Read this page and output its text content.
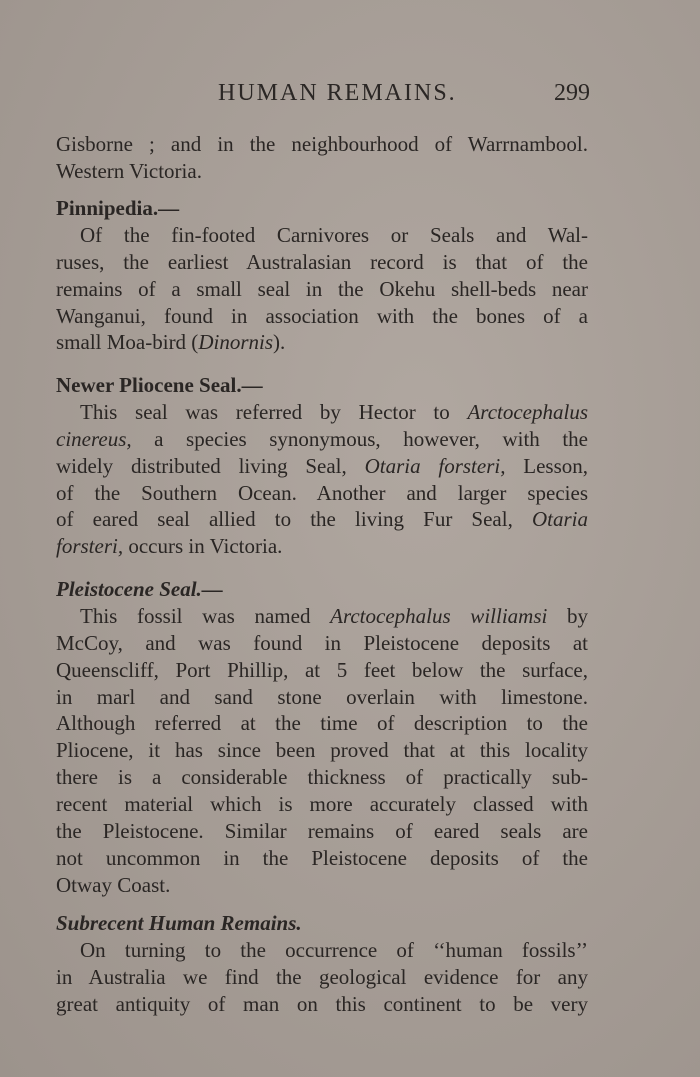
HUMAN REMAINS.	299
Gisborne ; and in the neighbourhood of Warrnambool.
Western Victoria.
Pinnipedia.—
Of the fin-footed Carnivores or Seals and Wal-
ruses, the earliest Australasian record is that of the
remains of a small seal in the Okehu shell-beds near
Wanganui, found in association with the bones of a
small Moa-bird (Dinornis).
Newer Pliocene Seal.—
This seal was referred by Hector to Arctocephalus
cinereus, a species synonymous, however, with the
widely distributed living Seal, Otaria forsteri, Lesson,
of the Southern Ocean. Another and larger species
of eared seal allied to the living Fur Seal, Otaria
forsteri, occurs in Victoria.
Pleistocene Seal.—
This fossil was named Arctocephalus williamsi by
McCoy, and was found in Pleistocene deposits at
Queenscliff, Port Phillip, at 5 feet below the surface,
in marl and sand stone overlain with limestone.
Although referred at the time of description to the
Pliocene, it has since been proved that at this locality
there is a considerable thickness of practically sub-
recent material which is more accurately classed with
the Pleistocene. Similar remains of eared seals are
not uncommon in the Pleistocene deposits of the
Otway Coast.
Subrecent Human Remains.
On turning to the occurrence of ‘‘human fossils’’
in Australia we find the geological evidence for any
great antiquity of man on this continent to be very
